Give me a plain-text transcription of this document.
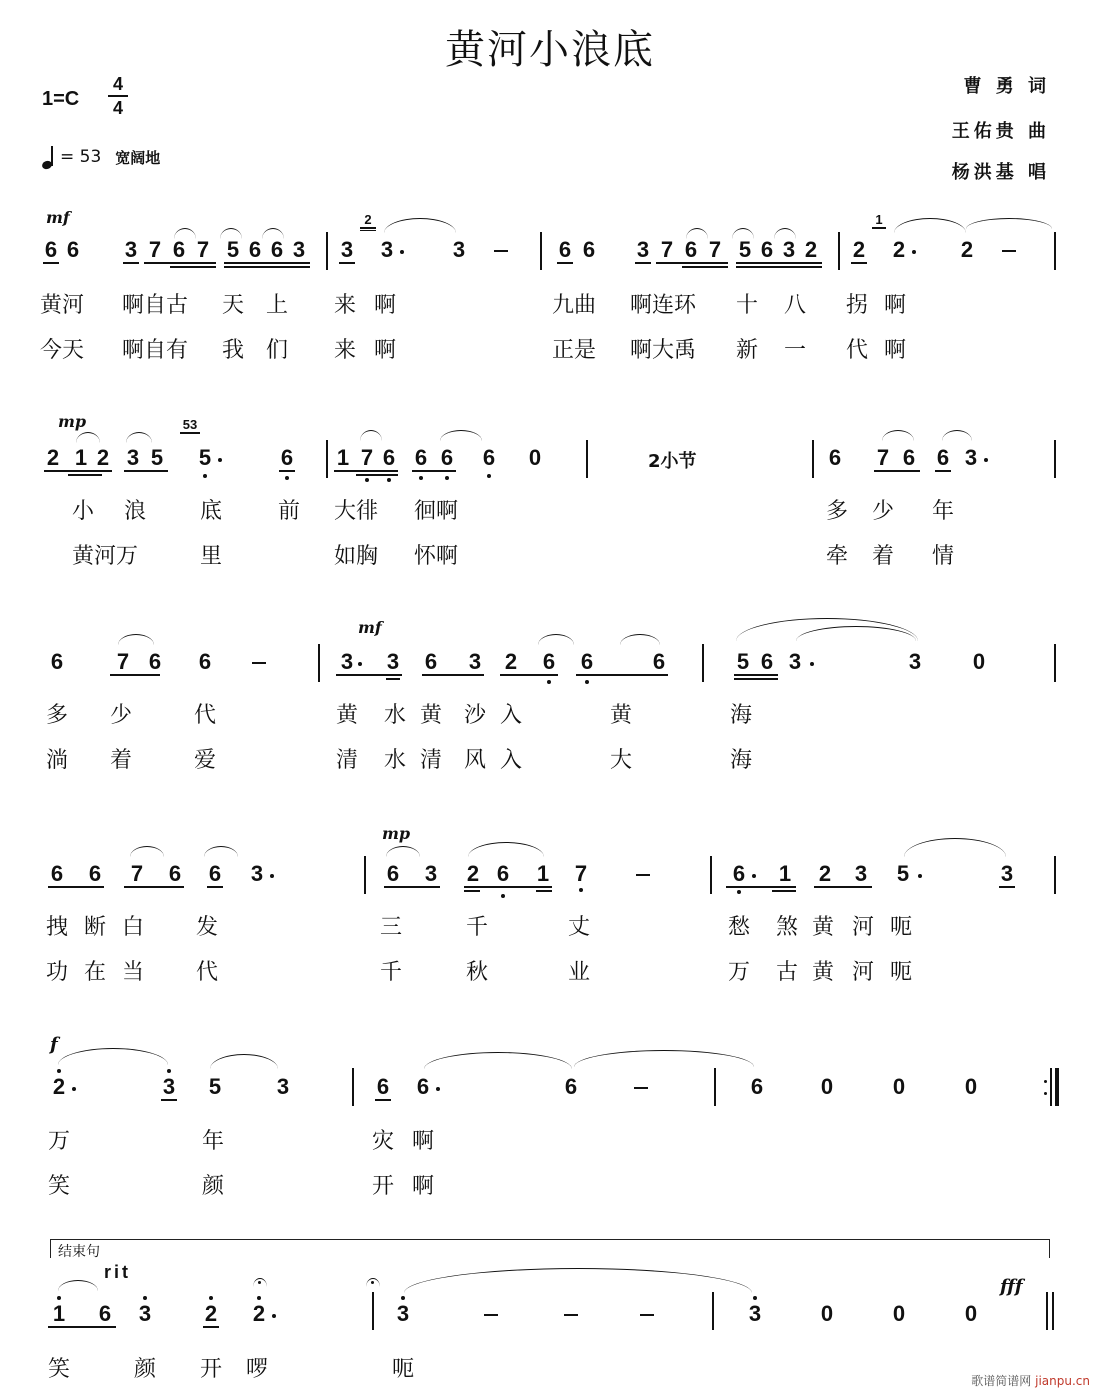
黄河小浪底
1=C
4
4
= 53 宽阔地
曹 勇 词
王佑贵 曲
杨洪基 唱
mf
6 6 3 7 6 7 5 6 6 3 3
2
3	3	6 6 3 7 6 7 5 6 3 2 2
1
2	2
黄河 啊自古 天 上 来 啊	九曲 啊连环 十 八 拐 啊
今天 啊自有 我 们 来 啊	正是 啊大禹 新 一 代 啊
mp
2 1 2 3 5
53
5	6 1 7 6 6 6 6 0	2小节	6 7 6 6 3
小 浪 底	前 大徘 徊啊	多 少 年
黄河万	里	如胸 怀啊	牵 着 情
6 7 6 6
mf
3 3 6 3 2 6 6	6	5 6 3	3 0
多 少	代	黄 水 黄 沙 入	黄	海
淌 着	爱	清 水 清 风 入	大	海
6 6 7 6 6 3
mp
6 3 2 6 1 7	6 1 2 3 5	3
拽 断 白 发	三	千	丈	愁 煞 黄 河 呃
功 在 当 代	千	秋	业	万 古 黄 河 呃
f
2	3 5	3	6 6	6	6	0	0	0
万	年	灾 啊
笑	颜	开 啊
结束句
rit
1 6 3 2 2	3	3	0	0	0
fff
笑	颜 开 啰	呃	歌谱简谱网 jianpu.cn
